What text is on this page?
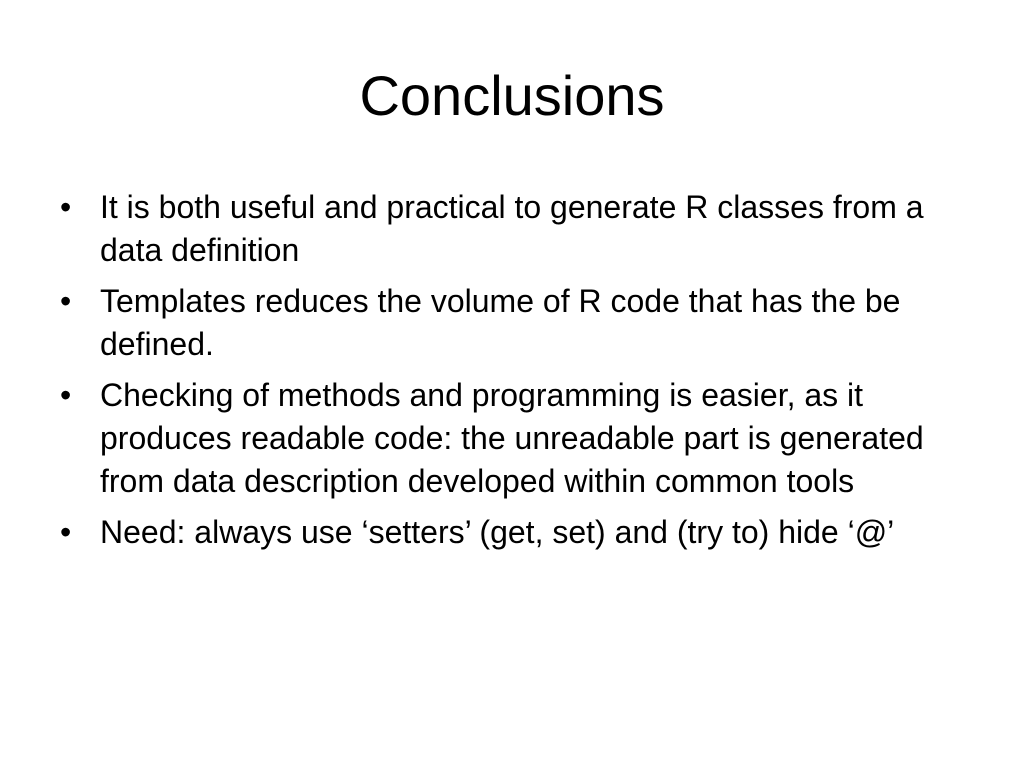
Conclusions
• It is both useful and practical to generate R classes from a data definition
• Templates reduces the volume of R code that has the be defined.
• Checking of methods and programming is easier, as it produces readable code: the unreadable part is generated from data description developed within common tools
• Need: always use ‘setters’ (get, set) and (try to) hide ‘@’
